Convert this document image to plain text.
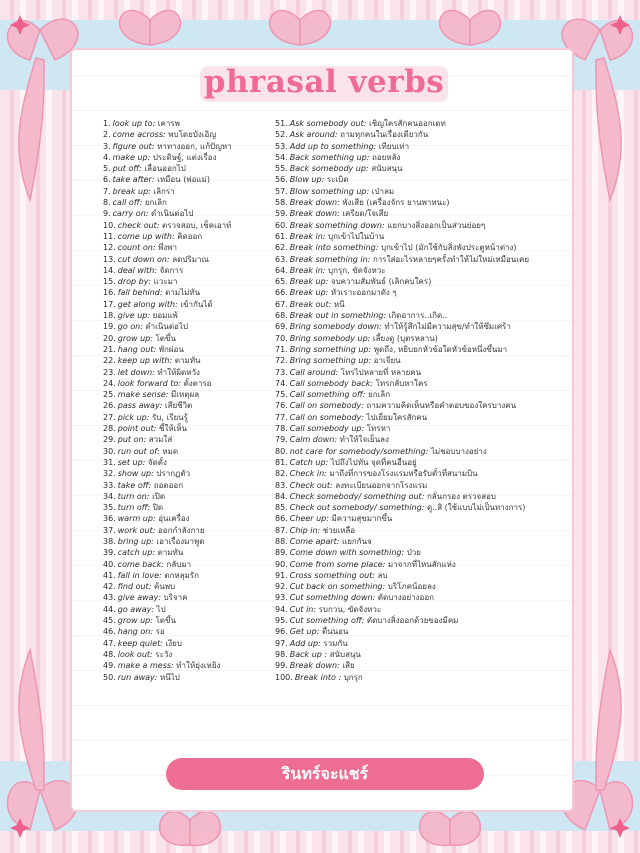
phrasal verbs
1. look up to: เคารพ
2. come across: พบโดยบังเอิญ
3. figure out: หาทางออก, แก้ปัญหา
4. make up: ประดิษฐ์, แต่งเรื่อง
5. put off: เลื่อนออกไป
6. take after: เหมือน (พ่อแม่)
7. break up: เลิกรา
8. call off: ยกเลิก
9. carry on: ดำเนินต่อไป
10. check out: ตรวจสอบ, เช็คเอาท์
11. come up with: คิดออก
12. count on: พึ่งพา
13. cut down on: ลดปริมาณ
14. deal with: จัดการ
15. drop by: แวะมา
16. fall behind: ตามไม่ทัน
17. get along with: เข้ากันได้
18. give up: ยอมแพ้
19. go on: ดำเนินต่อไป
20. grow up: โตขึ้น
21. hang out: พักผ่อน
22. keep up with: ตามทัน
23. let down: ทำให้ผิดหวัง
24. look forward to: ตั้งตารอ
25. make sense: มีเหตุผล
26. pass away: เสียชีวิต
27. pick up: รับ, เรียนรู้
28. point out: ชี้ให้เห็น
29. put on: สวมใส่
30. run out of: หมด
31. set up: จัดตั้ง
32. show up: ปรากฏตัว
33. take off: ถอดออก
34. turn on: เปิด
35. turn off: ปิด
36. warm up: อุ่นเครื่อง
37. work out: ออกกำลังกาย
38. bring up: เอาเรื่องมาพูด
39. catch up: ตามทัน
40. come back: กลับมา
41. fall in love: ตกหลุมรัก
42. find out: ค้นพบ
43. give away: บริจาค
44. go away: ไป
45. grow up: โตขึ้น
46. hang on: รอ
47. keep quiet: เงียบ
48. look out: ระวัง
49. make a mess: ทำให้ยุ่งเหยิง
50. run away: หนีไป
51. Ask somebody out: เชิญใครสักคนออกเดท
52. Ask around: ถามทุกคนในเรื่องเดียวกัน
53. Add up to something: เทียบเท่า
54. Back something up: ถอยหลัง
55. Back somebody up: สนับสนุน
56. Blow up: ระเบิด
57. Blow something up: เป่าลม
58. Break down: พังเสีย (เครื่องจักร ยานพาหนะ)
59. Break down: เครียด/ใจเสีย
60. Break something down: แยกบางสิ่งออกเป็นส่วนย่อยๆ
61. Break in: บุกเข้าไปในบ้าน
62. Break into something: บุกเข้าไป (มักใช้กับสิ่งพังประตูหน้าต่าง)
63. Break something in: การใส่อะไรหลายๆครั้งทำให้ไม่ใหม่เหมือนเคย
64. Break in: บุกรุก, ขัดจังหวะ
65. Break up: จบความสัมพันธ์ (เลิกคบใคร)
66. Break up: หัวเราะออกมาดัง ๆ
67. Break out: หนี
68. Break out in something: เกิดอาการ..เกิด..
69. Bring somebody down: ทำให้รู้สึกไม่มีความสุข/ทำให้ซึมเศร้า
70. Bring somebody up: เลี้ยงดู (บุตรหลาน)
71. Bring something up: พูดถึง, หยิบยกหัวข้อใดหัวข้อหนึ่งขึ้นมา
72. Bring something up: อาเจียน
73. Call around: โทรไปหลายที่ หลายคน
74. Call somebody back: โทรกลับหาใคร
75. Call something off: ยกเลิก
76. Call on somebody: ถามความคิดเห็นหรือคำตอบของใครบางคน
77. Call on somebody: ไปเยี่ยมใครสักคน
78. Call somebody up: โทรหา
79. Calm down: ทำให้ใจเย็นลง
80. not care for somebody/something: ไม่ชอบบางอย่าง
81. Catch up: ไปถึงไปทัน จุดที่คนอื่นอยู่
82. Check in: มาถึงที่การของโรงแรมหรือรับตั๋วที่สนามบิน
83. Check out: ลงทะเบียนออกจากโรงแรม
84. Check somebody/ something out: กลั่นกรอง ตรวจสอบ
85. Check out somebody/ something: ดู..สิ (ใช้แบบไม่เป็นทางการ)
86. Cheer up: มีความสุขมากขึ้น
87. Chip in: ช่วยเหลือ
88. Come apart: แยกกันจ
89. Come down with something: ป่วย
90. Come from some place: มาจากที่ไหนสักแห่ง
91. Cross something out: ลบ
92. Cut back on something: บริโภคน้อยลง
93. Cut something down: ตัดบางอย่างออก
94. Cut in: รบกวน, ขัดจังหวะ
95. Cut something off: ตัดบางสิ่งออกด้วยของมีคม
96. Get up: ตื่นนอน
97. Add up: รวมกัน
98. Back up : สนับสนุน
99. Break down: เสีย
100. Break into : บุกรุก
รินทร์จะแชร์
